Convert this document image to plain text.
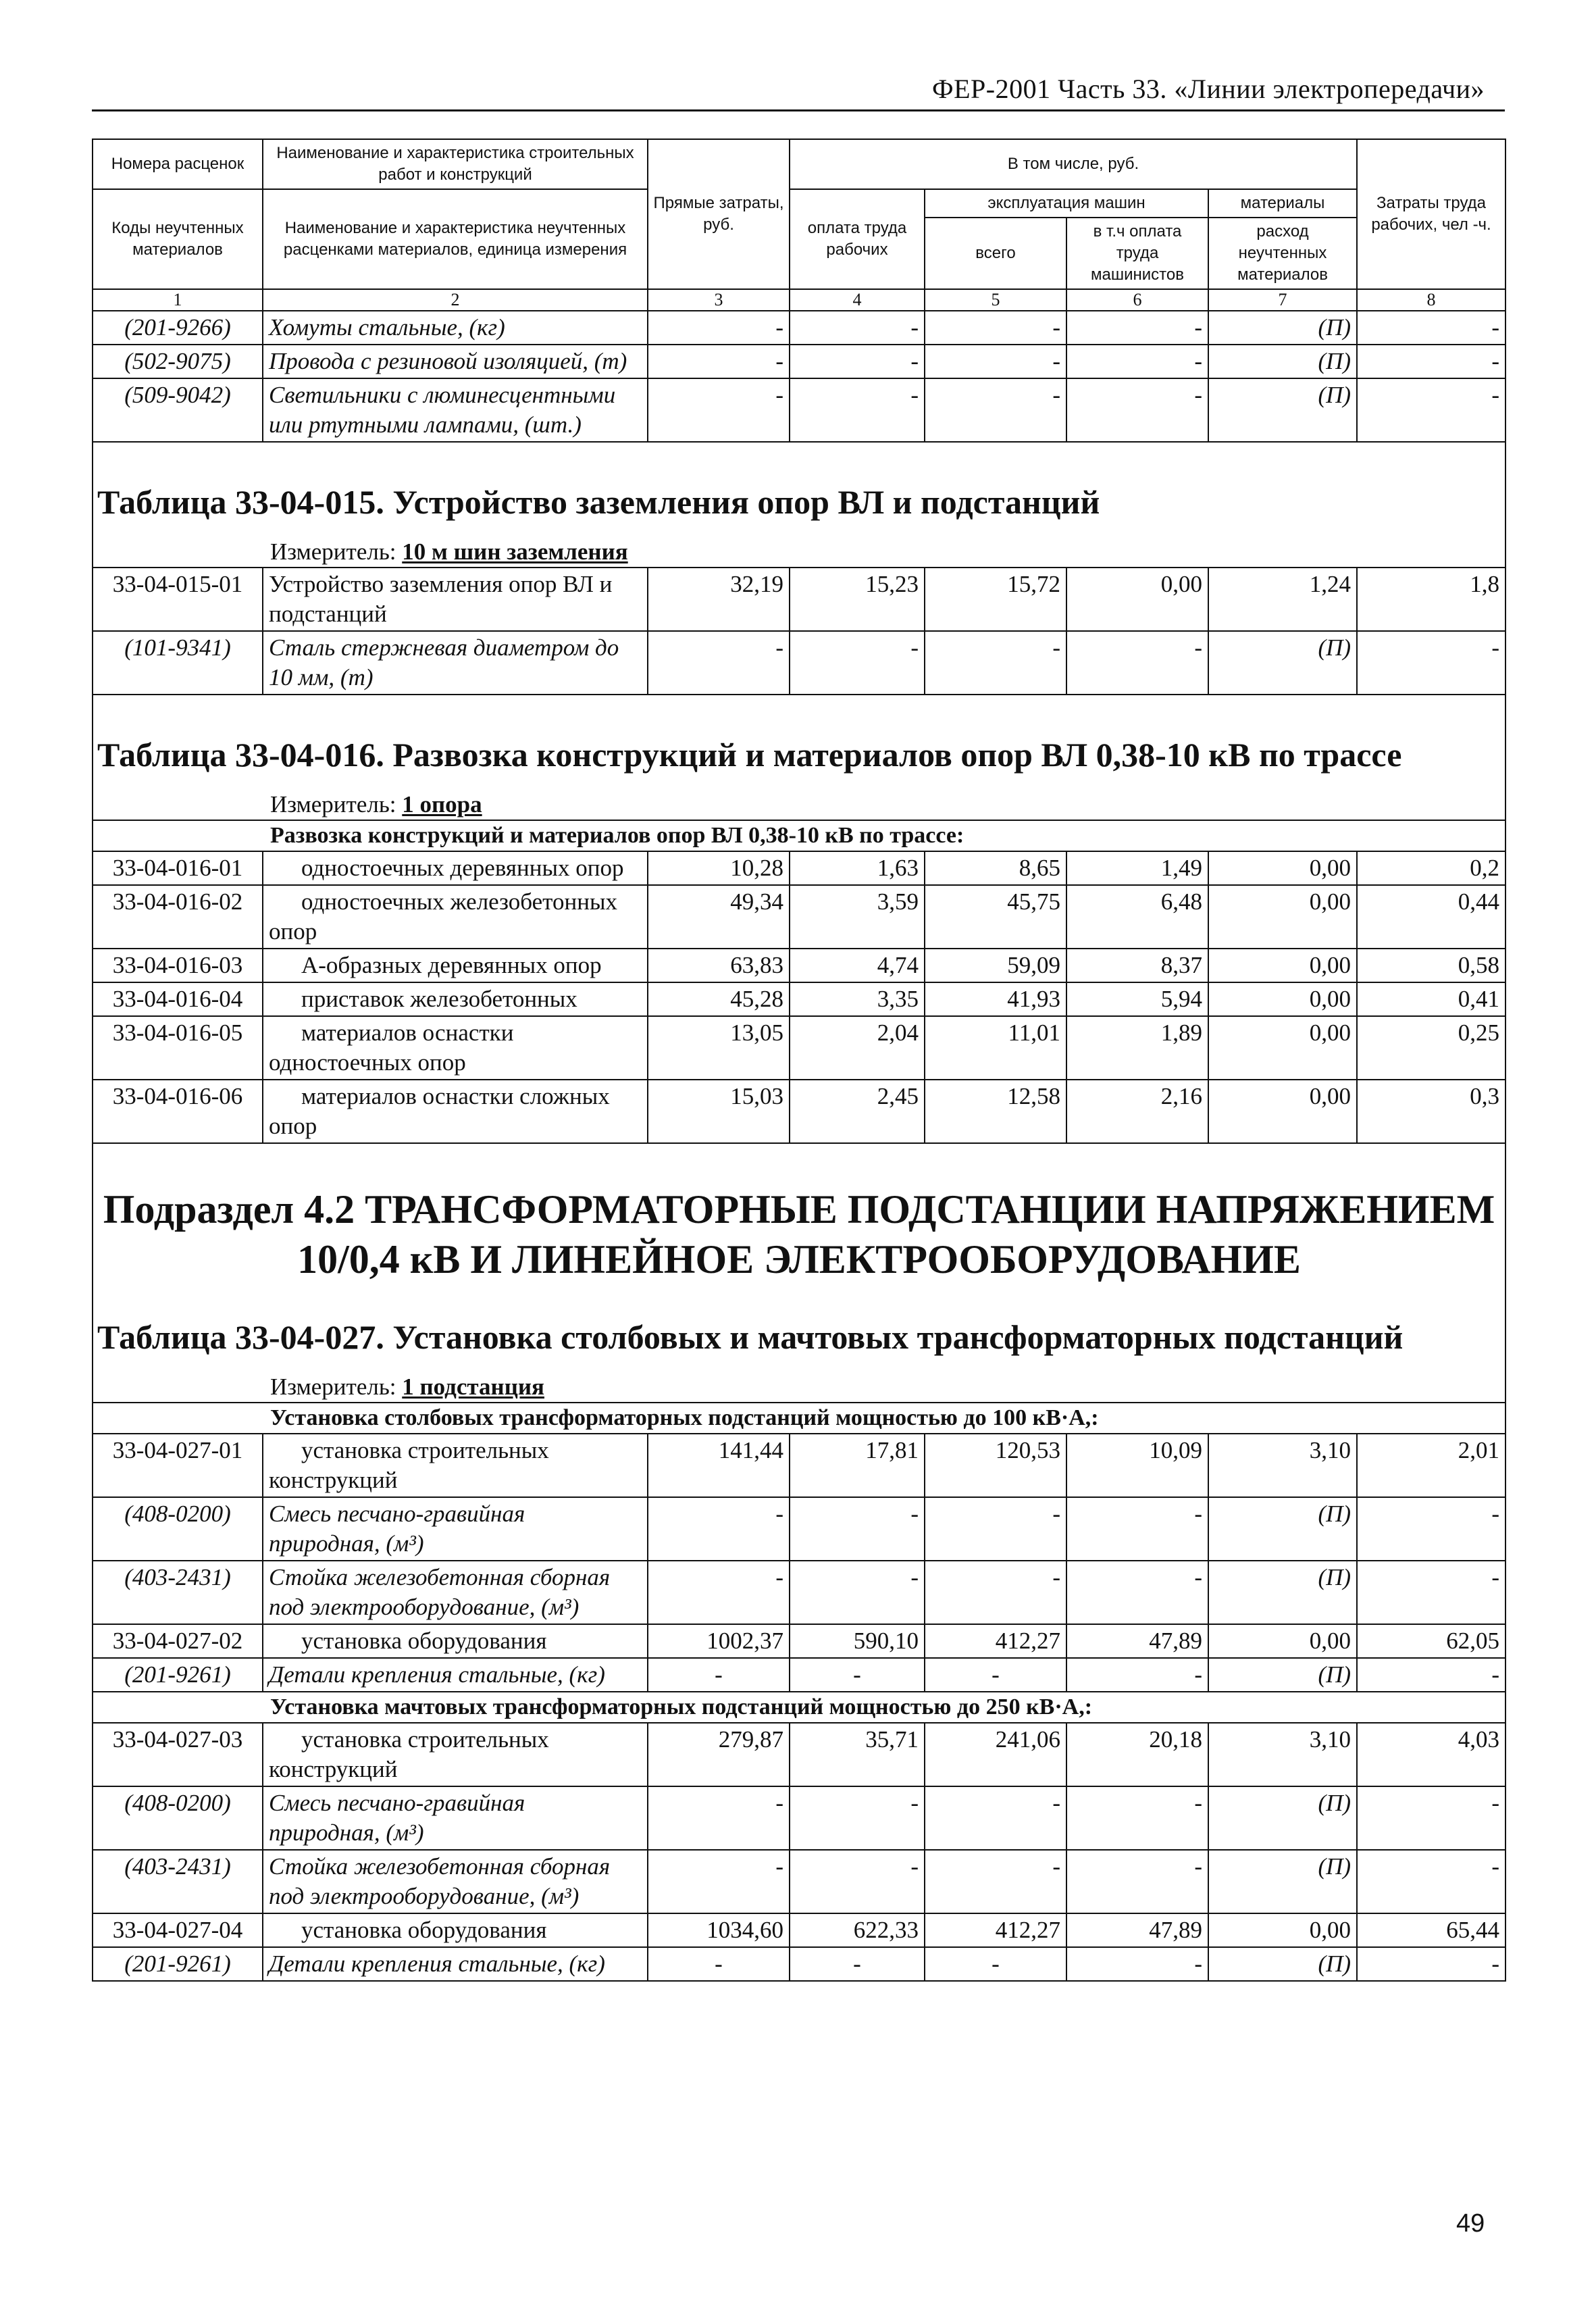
ФЕР-2001 Часть 33. «Линии электропередачи»
Номера расценок	Наименование и характеристика строительных работ и конструкций	Прямые затраты, руб.	В том числе, руб.				Затраты труда рабочих, чел -ч.
Коды неучтенных материалов	Наименование и характеристика неучтенных расценками материалов, единица измерения		оплата труда рабочих	эксплуатация машин		материалы	
				всего	в т.ч оплата труда машинистов	расход неучтенных материалов	
1	2	3	4	5	6	7	8
(201-9266)	Хомуты стальные, (кг)	-	-	-	-	(П)	-
(502-9075)	Провода с резиновой изоляцией, (т)	-	-	-	-	(П)	-
(509-9042)	Светильники с люминесцентными или ртутными лампами, (шт.)	-	-	-	-	(П)	-

Таблица 33-04-015. Устройство заземления опор ВЛ и подстанций							
Измеритель: 10 м шин заземления							
33-04-015-01	Устройство заземления опор ВЛ и подстанций	32,19	15,23	15,72	0,00	1,24	1,8
(101-9341)	Сталь стержневая диаметром до 10 мм, (т)	-	-	-	-	(П)	-

Таблица 33-04-016. Развозка конструкций и материалов опор ВЛ 0,38-10 кВ по трассе							
Измеритель: 1 опора							
Развозка конструкций и материалов опор ВЛ 0,38-10 кВ по трассе:							
33-04-016-01	одностоечных деревянных опор	10,28	1,63	8,65	1,49	0,00	0,2
33-04-016-02	одностоечных железобетонных опор	49,34	3,59	45,75	6,48	0,00	0,44
33-04-016-03	А-образных деревянных опор	63,83	4,74	59,09	8,37	0,00	0,58
33-04-016-04	приставок железобетонных	45,28	3,35	41,93	5,94	0,00	0,41
33-04-016-05	материалов оснастки одностоечных опор	13,05	2,04	11,01	1,89	0,00	0,25
33-04-016-06	материалов оснастки сложных опор	15,03	2,45	12,58	2,16	0,00	0,3

Подраздел 4.2 ТРАНСФОРМАТОРНЫЕ ПОДСТАНЦИИ НАПРЯЖЕНИЕМ
10/0,4 кВ И ЛИНЕЙНОЕ ЭЛЕКТРООБОРУДОВАНИЕ							

Таблица 33-04-027. Установка столбовых и мачтовых трансформаторных подстанций							
Измеритель: 1 подстанция							
Установка столбовых трансформаторных подстанций мощностью до 100 кВ·А,:							
33-04-027-01	установка строительных конструкций	141,44	17,81	120,53	10,09	3,10	2,01
(408-0200)	Смесь песчано-гравийная природная, (м³)	-	-	-	-	(П)	-
(403-2431)	Стойка железобетонная сборная под электрооборудование, (м³)	-	-	-	-	(П)	-
33-04-027-02	установка оборудования	1002,37	590,10	412,27	47,89	0,00	62,05
(201-9261)	Детали крепления стальные, (кг)	-	-	-	-	(П)	-
Установка мачтовых трансформаторных подстанций мощностью до 250 кВ·А,:							
33-04-027-03	установка строительных конструкций	279,87	35,71	241,06	20,18	3,10	4,03
(408-0200)	Смесь песчано-гравийная природная, (м³)	-	-	-	-	(П)	-
(403-2431)	Стойка железобетонная сборная под электрооборудование, (м³)	-	-	-	-	(П)	-
33-04-027-04	установка оборудования	1034,60	622,33	412,27	47,89	0,00	65,44
(201-9261)	Детали крепления стальные, (кг)	-	-	-	-	(П)	-
49
